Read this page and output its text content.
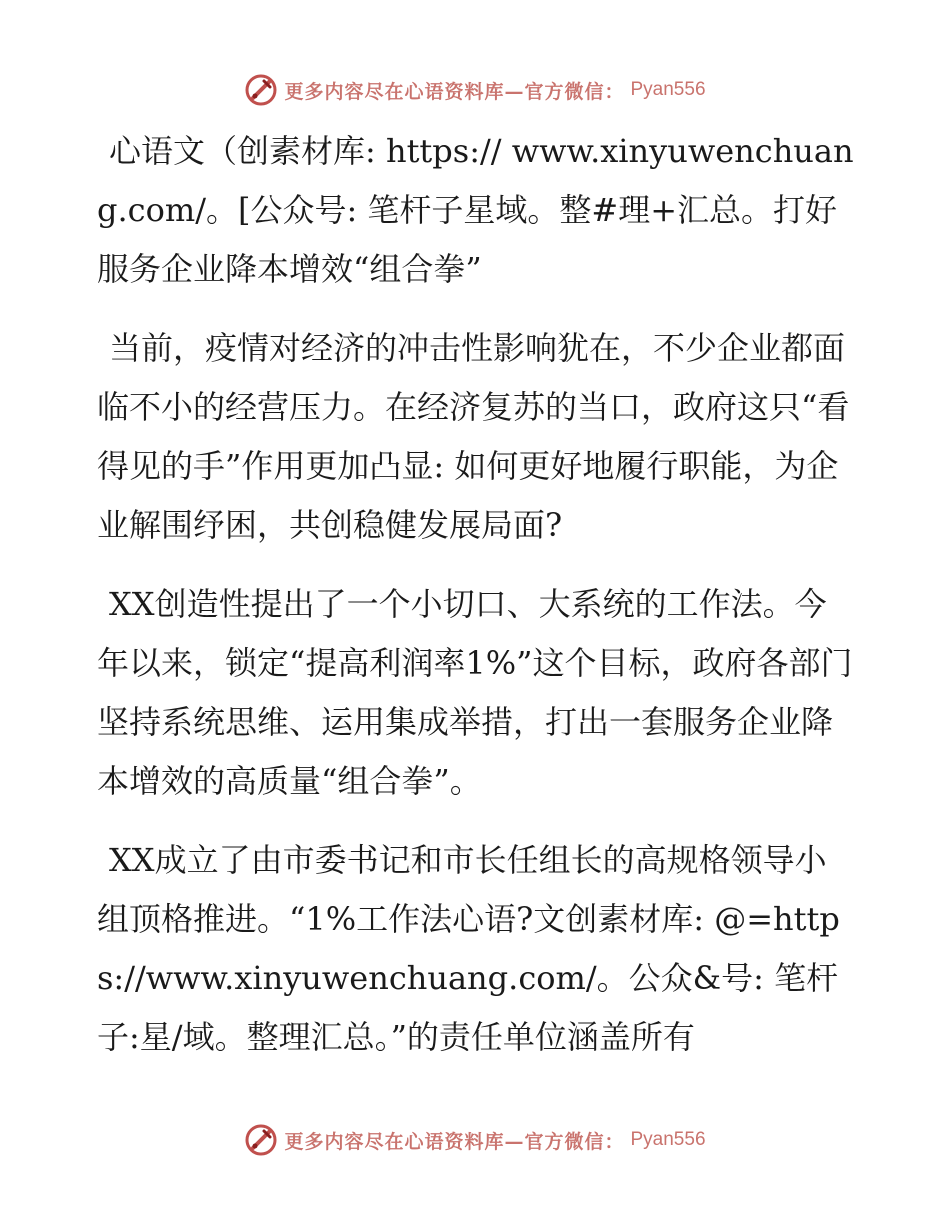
更多内容尽在心语资料库—官方微信： Pyan556

心语文（创素材库: https:// www.xinyuwenchuang.com/。[公众号: 笔杆子星域。整#理+汇总。打好服务企业降本增效“组合拳”

当前，疫情对经济的冲击性影响犹在，不少企业都面临不小的经营压力。在经济复苏的当口，政府这只“看得见的手”作用更加凸显: 如何更好地履行职能，为企业解围纾困，共创稳健发展局面?

XX创造性提出了一个小切口、大系统的工作法。今年以来，锁定“提高利润率1%”这个目标，政府各部门坚持系统思维、运用集成举措，打出一套服务企业降本增效的高质量“组合拳”。

XX成立了由市委书记和市长任组长的高规格领导小组顶格推进。“1%工作法心语?文创素材库: @=https://www.xinyuwenchuang.com/。公众&号: 笔杆子:星/域。整理汇总。”的责任单位涵盖所有

更多内容尽在心语资料库—官方微信： Pyan556
